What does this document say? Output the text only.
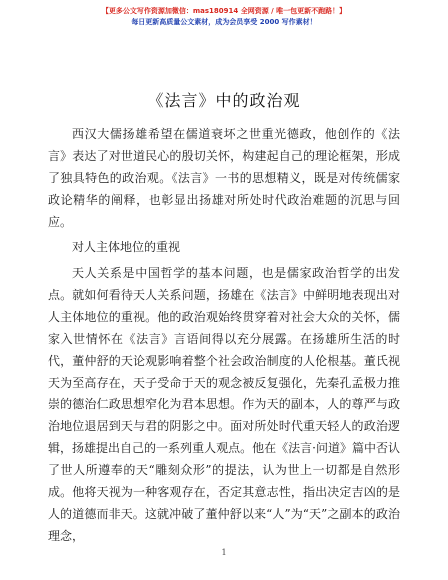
【更多公文写作资源加微信：mas180914 全网资源 / 唯一包更新不跑路！】
每日更新高质量公文素材，成为会员享受 2000 写作素材！
《法言》中的政治观
西汉大儒扬雄希望在儒道衰坏之世重光德政，他创作的《法言》表达了对世道民心的殷切关怀，构建起自己的理论框架，形成了独具特色的政治观。《法言》一书的思想精义，既是对传统儒家政论精华的阐释，也彰显出扬雄对所处时代政治难题的沉思与回应。
对人主体地位的重视
天人关系是中国哲学的基本问题，也是儒家政治哲学的出发点。就如何看待天人关系问题，扬雄在《法言》中鲜明地表现出对人主体地位的重视。他的政治观始终贯穿着对社会大众的关怀，儒家入世情怀在《法言》言语间得以充分展露。在扬雄所生活的时代，董仲舒的天论观影响着整个社会政治制度的人伦根基。董氏视天为至高存在，天子受命于天的观念被反复强化，先秦孔孟极力推崇的德治仁政思想窄化为君本思想。作为天的副本，人的尊严与政治地位退居到天与君的阴影之中。面对所处时代重天轻人的政治逻辑，扬雄提出自己的一系列重人观点。他在《法言·问道》篇中否认了世人所遵奉的天“雕刻众形”的提法，认为世上一切都是自然形成。他将天视为一种客观存在，否定其意志性，指出决定吉凶的是人的道德而非天。这就冲破了董仲舒以来“人”为“天”之副本的政治理念，
1
